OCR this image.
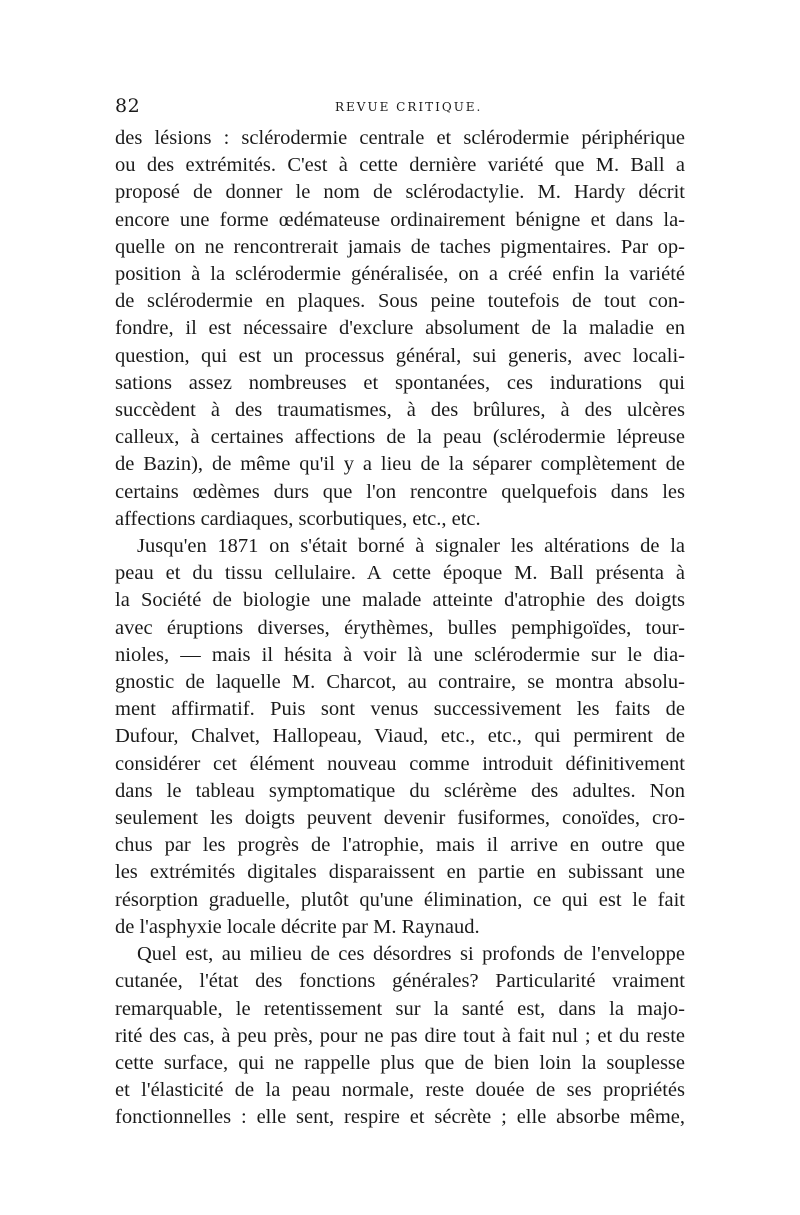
82	REVUE CRITIQUE.
des lésions : sclérodermie centrale et sclérodermie périphérique
ou des extrémités. C'est à cette dernière variété que M. Ball a
proposé de donner le nom de sclérodactylie. M. Hardy décrit
encore une forme œdémateuse ordinairement bénigne et dans la-
quelle on ne rencontrerait jamais de taches pigmentaires. Par op-
position à la sclérodermie généralisée, on a créé enfin la variété
de sclérodermie en plaques. Sous peine toutefois de tout con-
fondre, il est nécessaire d'exclure absolument de la maladie en
question, qui est un processus général, sui generis, avec locali-
sations assez nombreuses et spontanées, ces indurations qui
succèdent à des traumatismes, à des brûlures, à des ulcères
calleux, à certaines affections de la peau (sclérodermie lépreuse
de Bazin), de même qu'il y a lieu de la séparer complètement de
certains œdèmes durs que l'on rencontre quelquefois dans les
affections cardiaques, scorbutiques, etc., etc.
Jusqu'en 1871 on s'était borné à signaler les altérations de la
peau et du tissu cellulaire. A cette époque M. Ball présenta à
la Société de biologie une malade atteinte d'atrophie des doigts
avec éruptions diverses, érythèmes, bulles pemphigoïdes, tour-
nioles, — mais il hésita à voir là une sclérodermie sur le dia-
gnostic de laquelle M. Charcot, au contraire, se montra absolu-
ment affirmatif. Puis sont venus successivement les faits de
Dufour, Chalvet, Hallopeau, Viaud, etc., etc., qui permirent de
considérer cet élément nouveau comme introduit définitivement
dans le tableau symptomatique du sclérème des adultes. Non
seulement les doigts peuvent devenir fusiformes, conoïdes, cro-
chus par les progrès de l'atrophie, mais il arrive en outre que
les extrémités digitales disparaissent en partie en subissant une
résorption graduelle, plutôt qu'une élimination, ce qui est le fait
de l'asphyxie locale décrite par M. Raynaud.
Quel est, au milieu de ces désordres si profonds de l'enveloppe
cutanée, l'état des fonctions générales? Particularité vraiment
remarquable, le retentissement sur la santé est, dans la majo-
rité des cas, à peu près, pour ne pas dire tout à fait nul ; et du reste
cette surface, qui ne rappelle plus que de bien loin la souplesse
et l'élasticité de la peau normale, reste douée de ses propriétés
fonctionnelles : elle sent, respire et sécrète ; elle absorbe même,
